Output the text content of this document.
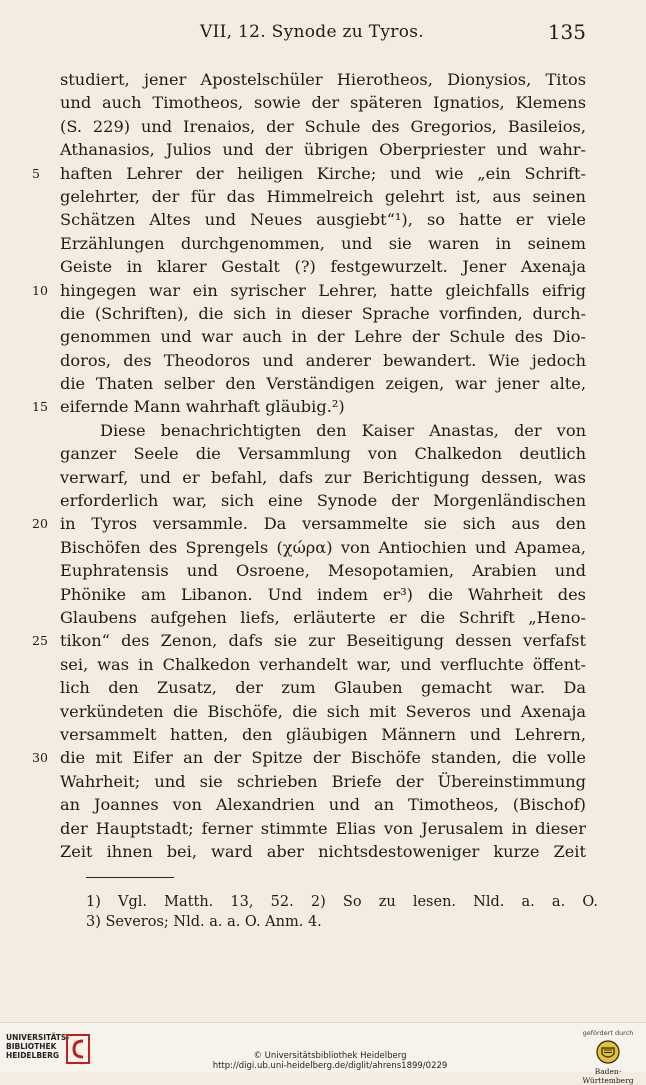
VII, 12. Synode zu Tyros.	135
studiert, jener Apostelschüler Hierotheos, Dionysios, Titos
und auch Timotheos, sowie der späteren Ignatios, Klemens
(S. 229) und Irenaios, der Schule des Gregorios, Basileios,
Athanasios, Julios und der übrigen Oberpriester und wahr-
5	haften Lehrer der heiligen Kirche; und wie „ein Schrift-
gelehrter, der für das Himmelreich gelehrt ist, aus seinen
Schätzen Altes und Neues ausgiebt“¹), so hatte er viele
Erzählungen durchgenommen, und sie waren in seinem
Geiste in klarer Gestalt (?) festgewurzelt. Jener Axenaja
10 hingegen war ein syrischer Lehrer, hatte gleichfalls eifrig
die (Schriften), die sich in dieser Sprache vorfinden, durch-
genommen und war auch in der Lehre der Schule des Dio-
doros, des Theodoros und anderer bewandert. Wie jedoch
die Thaten selber den Verständigen zeigen, war jener alte,
15 eifernde Mann wahrhaft gläubig.²)
Diese benachrichtigten den Kaiser Anastas, der von
ganzer Seele die Versammlung von Chalkedon deutlich
verwarf, und er befahl, dafs zur Berichtigung dessen, was
erforderlich war, sich eine Synode der Morgenländischen
20 in Tyros versammle. Da versammelte sie sich aus den
Bischöfen des Sprengels (χώρα) von Antiochien und Apamea,
Euphratensis und Osroene, Mesopotamien, Arabien und
Phönike am Libanon. Und indem er³) die Wahrheit des
Glaubens aufgehen liefs, erläuterte er die Schrift „Heno-
25 tikon“ des Zenon, dafs sie zur Beseitigung dessen verfafst
sei, was in Chalkedon verhandelt war, und verfluchte öffent-
lich den Zusatz, der zum Glauben gemacht war. Da
verkündeten die Bischöfe, die sich mit Severos und Axenaja
versammelt hatten, den gläubigen Männern und Lehrern,
30 die mit Eifer an der Spitze der Bischöfe standen, die volle
Wahrheit; und sie schrieben Briefe der Übereinstimmung
an Joannes von Alexandrien und an Timotheos, (Bischof)
der Hauptstadt; ferner stimmte Elias von Jerusalem in dieser
Zeit ihnen bei, ward aber nichtsdestoweniger kurze Zeit
1) Vgl. Matth. 13, 52. 2) So zu lesen. Nld. a. a. O.
3) Severos; Nld. a. a. O. Anm. 4.
UNIVERSITÄTS-
BIBLIOTHEK
HEIDELBERG	© Universitätsbibliothek Heidelberg
http://digi.ub.uni-heidelberg.de/diglit/ahrens1899/0229
gefördert durch
Baden-Württemberg
